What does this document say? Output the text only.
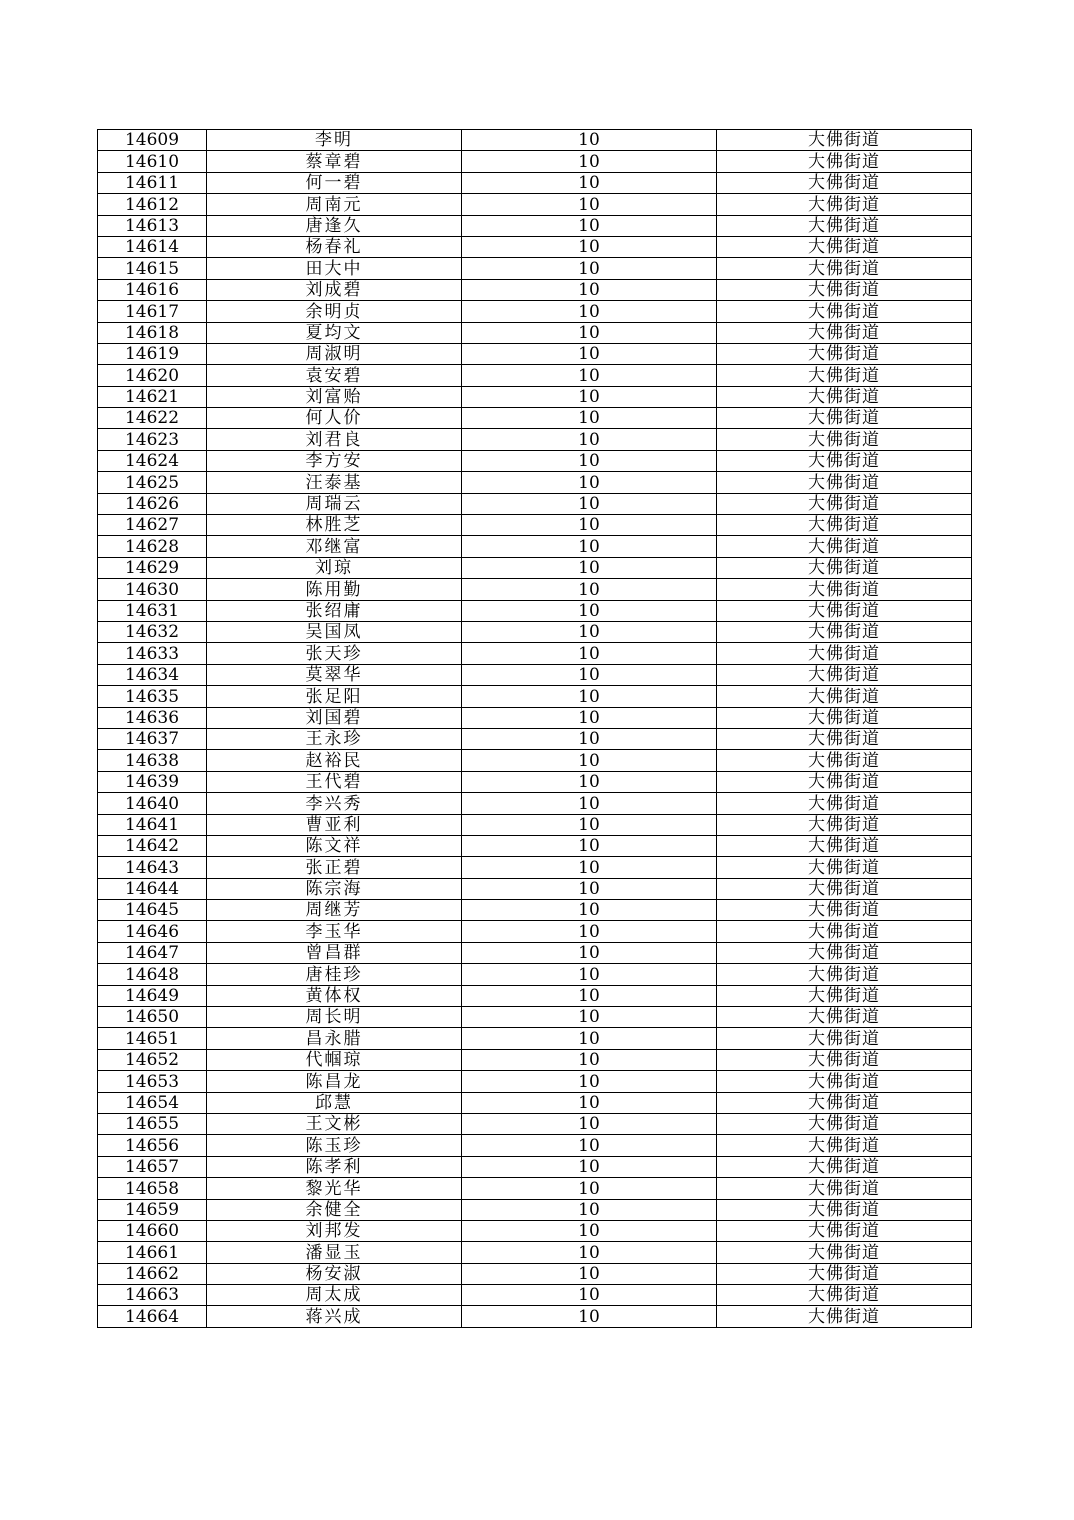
14609	李明	10	大佛街道
14610	蔡章碧	10	大佛街道
14611	何一碧	10	大佛街道
14612	周南元	10	大佛街道
14613	唐逢久	10	大佛街道
14614	杨春礼	10	大佛街道
14615	田大中	10	大佛街道
14616	刘成碧	10	大佛街道
14617	余明贞	10	大佛街道
14618	夏均文	10	大佛街道
14619	周淑明	10	大佛街道
14620	袁安碧	10	大佛街道
14621	刘富贻	10	大佛街道
14622	何人价	10	大佛街道
14623	刘君良	10	大佛街道
14624	李方安	10	大佛街道
14625	汪泰基	10	大佛街道
14626	周瑞云	10	大佛街道
14627	林胜芝	10	大佛街道
14628	邓继富	10	大佛街道
14629	刘琼	10	大佛街道
14630	陈用勤	10	大佛街道
14631	张绍庸	10	大佛街道
14632	吴国凤	10	大佛街道
14633	张天珍	10	大佛街道
14634	莫翠华	10	大佛街道
14635	张足阳	10	大佛街道
14636	刘国碧	10	大佛街道
14637	王永珍	10	大佛街道
14638	赵裕民	10	大佛街道
14639	王代碧	10	大佛街道
14640	李兴秀	10	大佛街道
14641	曹亚利	10	大佛街道
14642	陈文祥	10	大佛街道
14643	张正碧	10	大佛街道
14644	陈宗海	10	大佛街道
14645	周继芳	10	大佛街道
14646	李玉华	10	大佛街道
14647	曾昌群	10	大佛街道
14648	唐桂珍	10	大佛街道
14649	黄体权	10	大佛街道
14650	周长明	10	大佛街道
14651	昌永腊	10	大佛街道
14652	代帼琼	10	大佛街道
14653	陈昌龙	10	大佛街道
14654	邱慧	10	大佛街道
14655	王文彬	10	大佛街道
14656	陈玉珍	10	大佛街道
14657	陈孝利	10	大佛街道
14658	黎光华	10	大佛街道
14659	余健全	10	大佛街道
14660	刘邦发	10	大佛街道
14661	潘显玉	10	大佛街道
14662	杨安淑	10	大佛街道
14663	周太成	10	大佛街道
14664	蒋兴成	10	大佛街道
